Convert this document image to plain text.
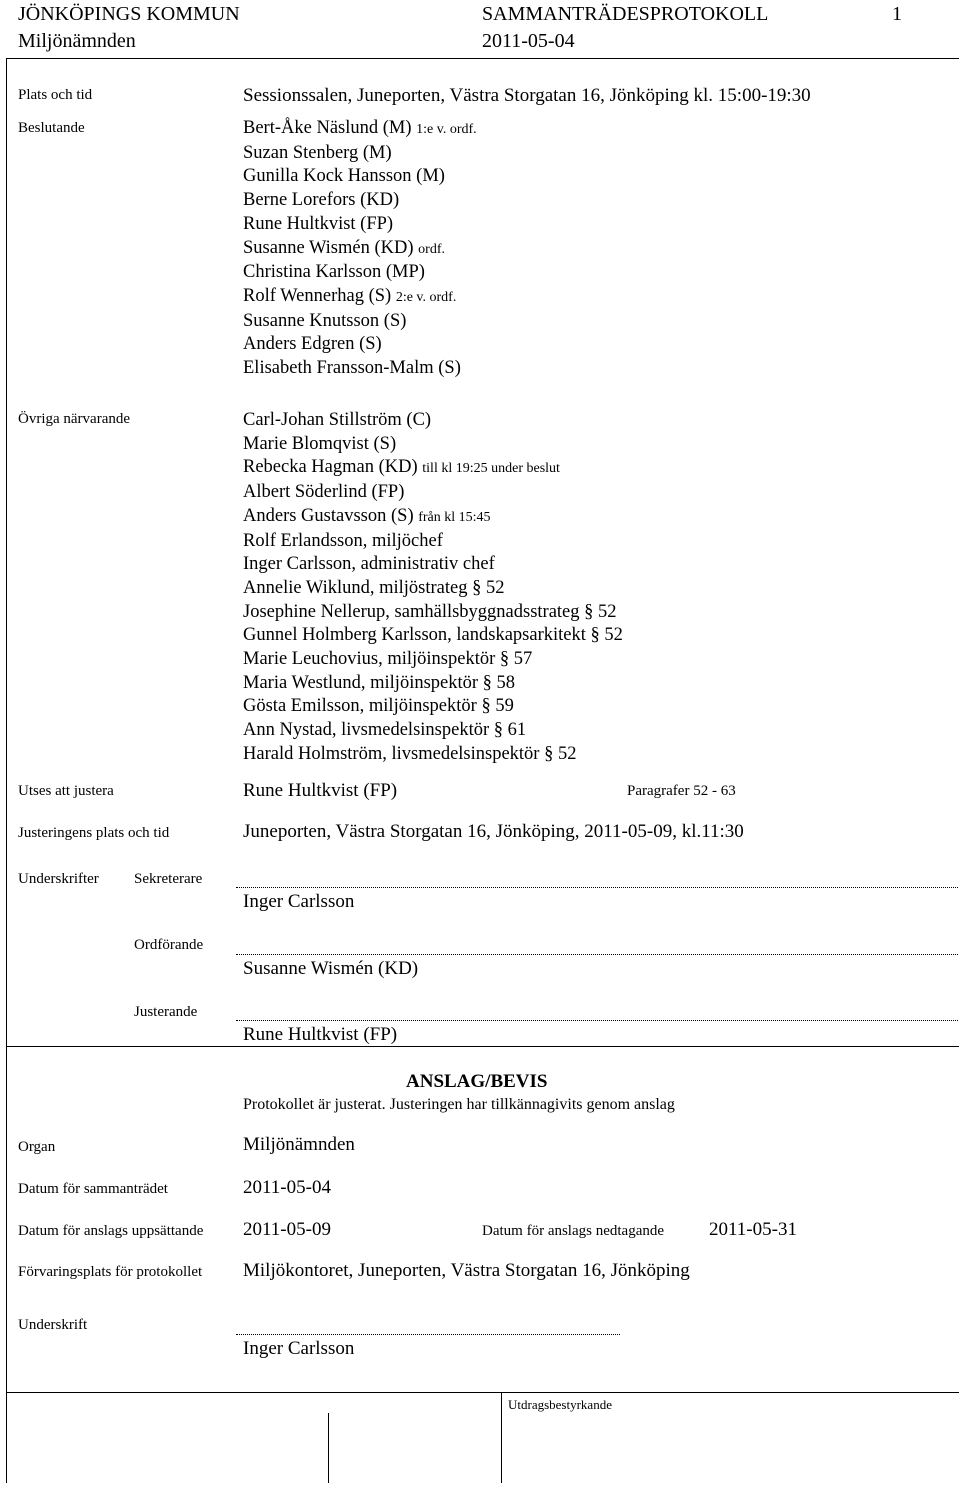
JÖNKÖPINGS KOMMUN	SAMMANTRÄDESPROTOKOLL	1
Miljönämnden	2011-05-04
Plats och tid	Sessionssalen, Juneporten, Västra Storgatan 16, Jönköping kl. 15:00-19:30
Beslutande	Bert-Åke Näslund (M) 1:e v. ordf.
Suzan Stenberg (M)
Gunilla Kock Hansson (M)
Berne Lorefors (KD)
Rune Hultkvist (FP)
Susanne Wismén (KD) ordf.
Christina Karlsson (MP)
Rolf Wennerhag (S) 2:e v. ordf.
Susanne Knutsson (S)
Anders Edgren (S)
Elisabeth Fransson-Malm (S)
Övriga närvarande	Carl-Johan Stillström (C)
Marie Blomqvist (S)
Rebecka Hagman (KD) till kl 19:25 under beslut
Albert Söderlind (FP)
Anders Gustavsson (S) från kl 15:45
Rolf Erlandsson, miljöchef
Inger Carlsson, administrativ chef
Annelie Wiklund, miljöstrateg § 52
Josephine Nellerup, samhällsbyggnadsstrateg § 52
Gunnel Holmberg Karlsson, landskapsarkitekt § 52
Marie Leuchovius, miljöinspektör § 57
Maria Westlund, miljöinspektör § 58
Gösta Emilsson, miljöinspektör § 59
Ann Nystad, livsmedelsinspektör § 61
Harald Holmström, livsmedelsinspektör § 52
Utses att justera	Rune Hultkvist (FP)	Paragrafer 52 - 63
Justeringens plats och tid	Juneporten, Västra Storgatan 16, Jönköping, 2011-05-09, kl.11:30
Underskrifter Sekreterare
Inger Carlsson
Ordförande
Susanne Wismén (KD)
Justerande
Rune Hultkvist (FP)
ANSLAG/BEVIS
Protokollet är justerat. Justeringen har tillkännagivits genom anslag
Organ	Miljönämnden
Datum för sammanträdet	2011-05-04
Datum för anslags uppsättande 2011-05-09	Datum för anslags nedtagande 2011-05-31
Förvaringsplats för protokollet Miljökontoret, Juneporten, Västra Storgatan 16, Jönköping
Underskrift
Inger Carlsson
Utdragsbestyrkande
